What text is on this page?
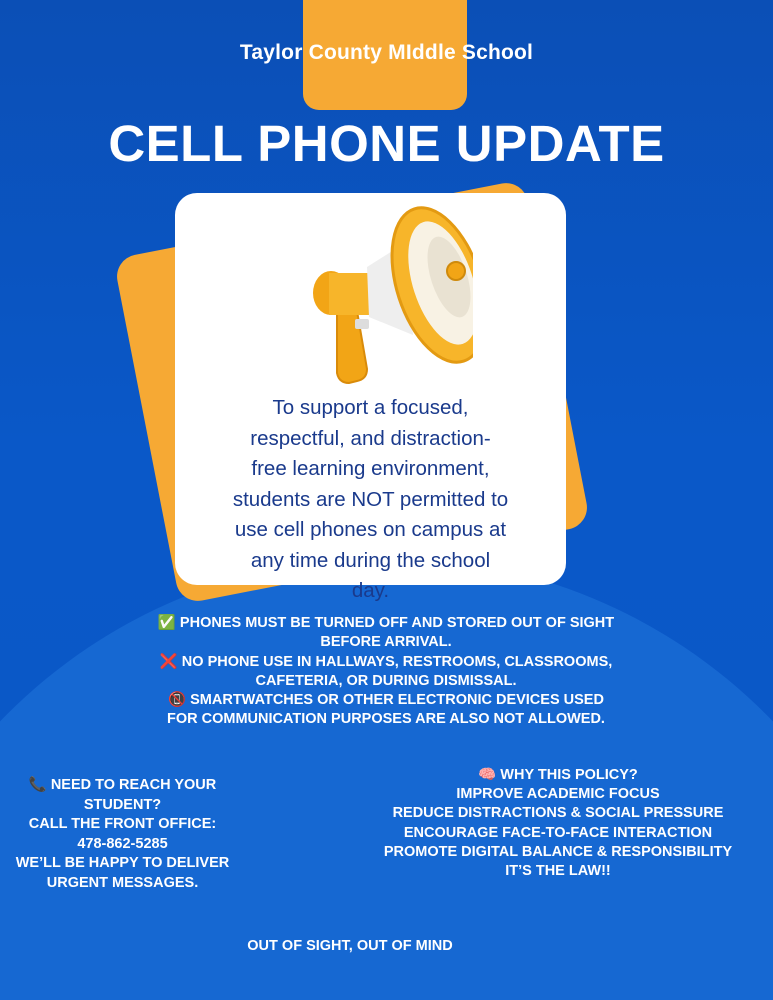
Taylor County MIddle School
CELL PHONE UPDATE
To support a focused,
respectful, and distraction-
free learning environment,
students are NOT permitted to
use cell phones on campus at
any time during the school
day.
✅ PHONES MUST BE TURNED OFF AND STORED OUT OF SIGHT
BEFORE ARRIVAL.
❌ NO PHONE USE IN HALLWAYS, RESTROOMS, CLASSROOMS,
CAFETERIA, OR DURING DISMISSAL.
📵 SMARTWATCHES OR OTHER ELECTRONIC DEVICES USED
FOR COMMUNICATION PURPOSES ARE ALSO NOT ALLOWED.
📞 NEED TO REACH YOUR
STUDENT?
CALL THE FRONT OFFICE:
478-862-5285
WE’LL BE HAPPY TO DELIVER
URGENT MESSAGES.
🧠 WHY THIS POLICY?
IMPROVE ACADEMIC FOCUS
REDUCE DISTRACTIONS & SOCIAL PRESSURE
ENCOURAGE FACE-TO-FACE INTERACTION
PROMOTE DIGITAL BALANCE & RESPONSIBILITY
IT’S THE LAW!!
OUT OF SIGHT, OUT OF MIND
